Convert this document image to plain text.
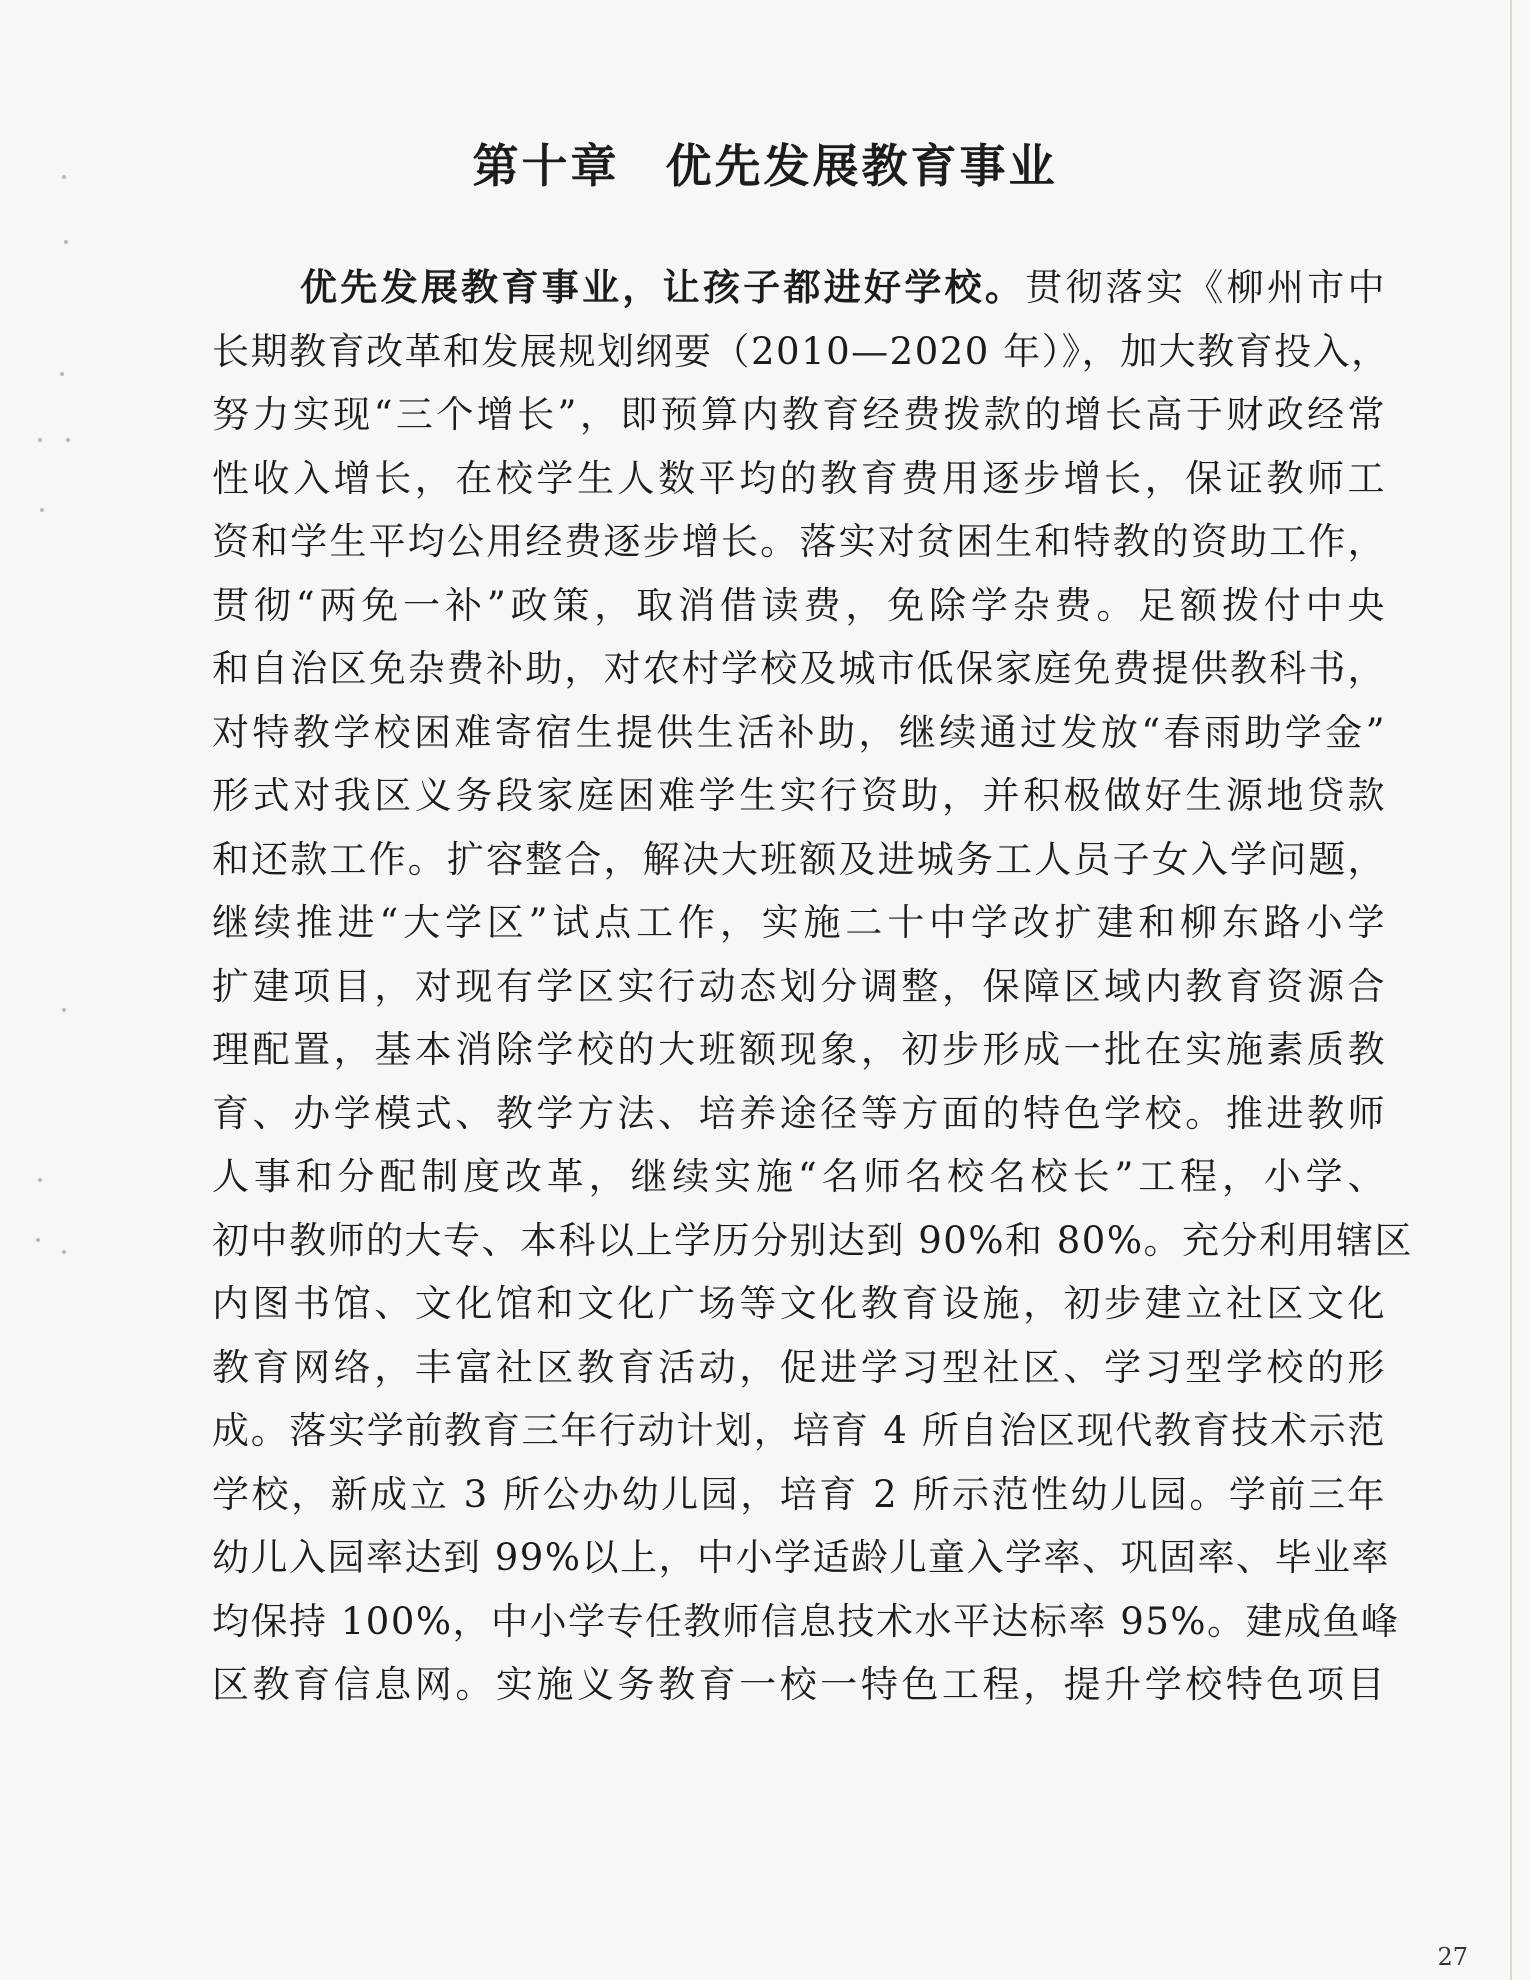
第十章 优先发展教育事业
优先发展教育事业，让孩子都进好学校。贯彻落实《柳州市中
长期教育改革和发展规划纲要（2010—2020 年）》，加大教育投入，
努力实现“三个增长”，即预算内教育经费拨款的增长高于财政经常
性收入增长，在校学生人数平均的教育费用逐步增长，保证教师工
资和学生平均公用经费逐步增长。落实对贫困生和特教的资助工作，
贯彻“两免一补”政策，取消借读费，免除学杂费。足额拨付中央
和自治区免杂费补助，对农村学校及城市低保家庭免费提供教科书，
对特教学校困难寄宿生提供生活补助，继续通过发放“春雨助学金”
形式对我区义务段家庭困难学生实行资助，并积极做好生源地贷款
和还款工作。扩容整合，解决大班额及进城务工人员子女入学问题，
继续推进“大学区”试点工作，实施二十中学改扩建和柳东路小学
扩建项目，对现有学区实行动态划分调整，保障区域内教育资源合
理配置，基本消除学校的大班额现象，初步形成一批在实施素质教
育、办学模式、教学方法、培养途径等方面的特色学校。推进教师
人事和分配制度改革，继续实施“名师名校名校长”工程，小学、
初中教师的大专、本科以上学历分别达到 90%和 80%。充分利用辖区
内图书馆、文化馆和文化广场等文化教育设施，初步建立社区文化
教育网络，丰富社区教育活动，促进学习型社区、学习型学校的形
成。落实学前教育三年行动计划，培育 4 所自治区现代教育技术示范
学校，新成立 3 所公办幼儿园，培育 2 所示范性幼儿园。学前三年
幼儿入园率达到 99%以上，中小学适龄儿童入学率、巩固率、毕业率
均保持 100%，中小学专任教师信息技术水平达标率 95%。建成鱼峰
区教育信息网。实施义务教育一校一特色工程，提升学校特色项目
27
